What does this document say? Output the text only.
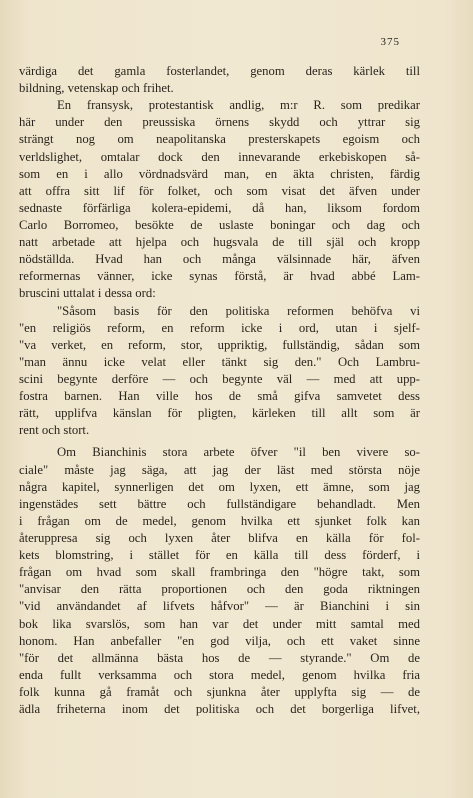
375
värdiga det gamla fosterlandet, genom deras kärlek till
bildning, vetenskap och frihet.
En fransysk, protestantisk andlig, m:r R. som predikar
här under den preussiska örnens skydd och yttrar sig
strängt nog om neapolitanska presterskapets egoism och
verldslighet, omtalar dock den innevarande erkebiskopen så-
som en i allo vördnadsvärd man, en äkta christen, färdig
att offra sitt lif för folket, och som visat det äfven under
sednaste förfärliga kolera-epidemi, då han, liksom fordom
Carlo Borromeo, besökte de uslaste boningar och dag och
natt arbetade att hjelpa och hugsvala de till själ och kropp
nödställda. Hvad han och många välsinnade här, äfven
reformernas vänner, icke synas förstå, är hvad abbé Lam-
bruscini uttalat i dessa ord:
"Såsom basis för den politiska reformen behöfva vi
"en religiös reform, en reform icke i ord, utan i sjelf-
"va verket, en reform, stor, uppriktig, fullständig, sådan som
"man ännu icke velat eller tänkt sig den." Och Lambru-
scini begynte derföre — och begynte väl — med att upp-
fostra barnen. Han ville hos de små gifva samvetet dess
rätt, upplifva känslan för pligten, kärleken till allt som är
rent och stort.
Om Bianchinis stora arbete öfver "il ben vivere so-
ciale" måste jag säga, att jag der läst med största nöje
några kapitel, synnerligen det om lyxen, ett ämne, som jag
ingenstädes sett bättre och fullständigare behandladt. Men
i frågan om de medel, genom hvilka ett sjunket folk kan
återuppresa sig och lyxen åter blifva en källa för fol-
kets blomstring, i stället för en källa till dess förderf, i
frågan om hvad som skall frambringa den "högre takt, som
"anvisar den rätta proportionen och den goda riktningen
"vid användandet af lifvets håfvor" — är Bianchini i sin
bok lika svarslös, som han var det under mitt samtal med
honom. Han anbefaller "en god vilja, och ett vaket sinne
"för det allmänna bästa hos de — styrande." Om de
enda fullt verksamma och stora medel, genom hvilka fria
folk kunna gå framåt och sjunkna åter upplyfta sig — de
ädla friheterna inom det politiska och det borgerliga lifvet,
